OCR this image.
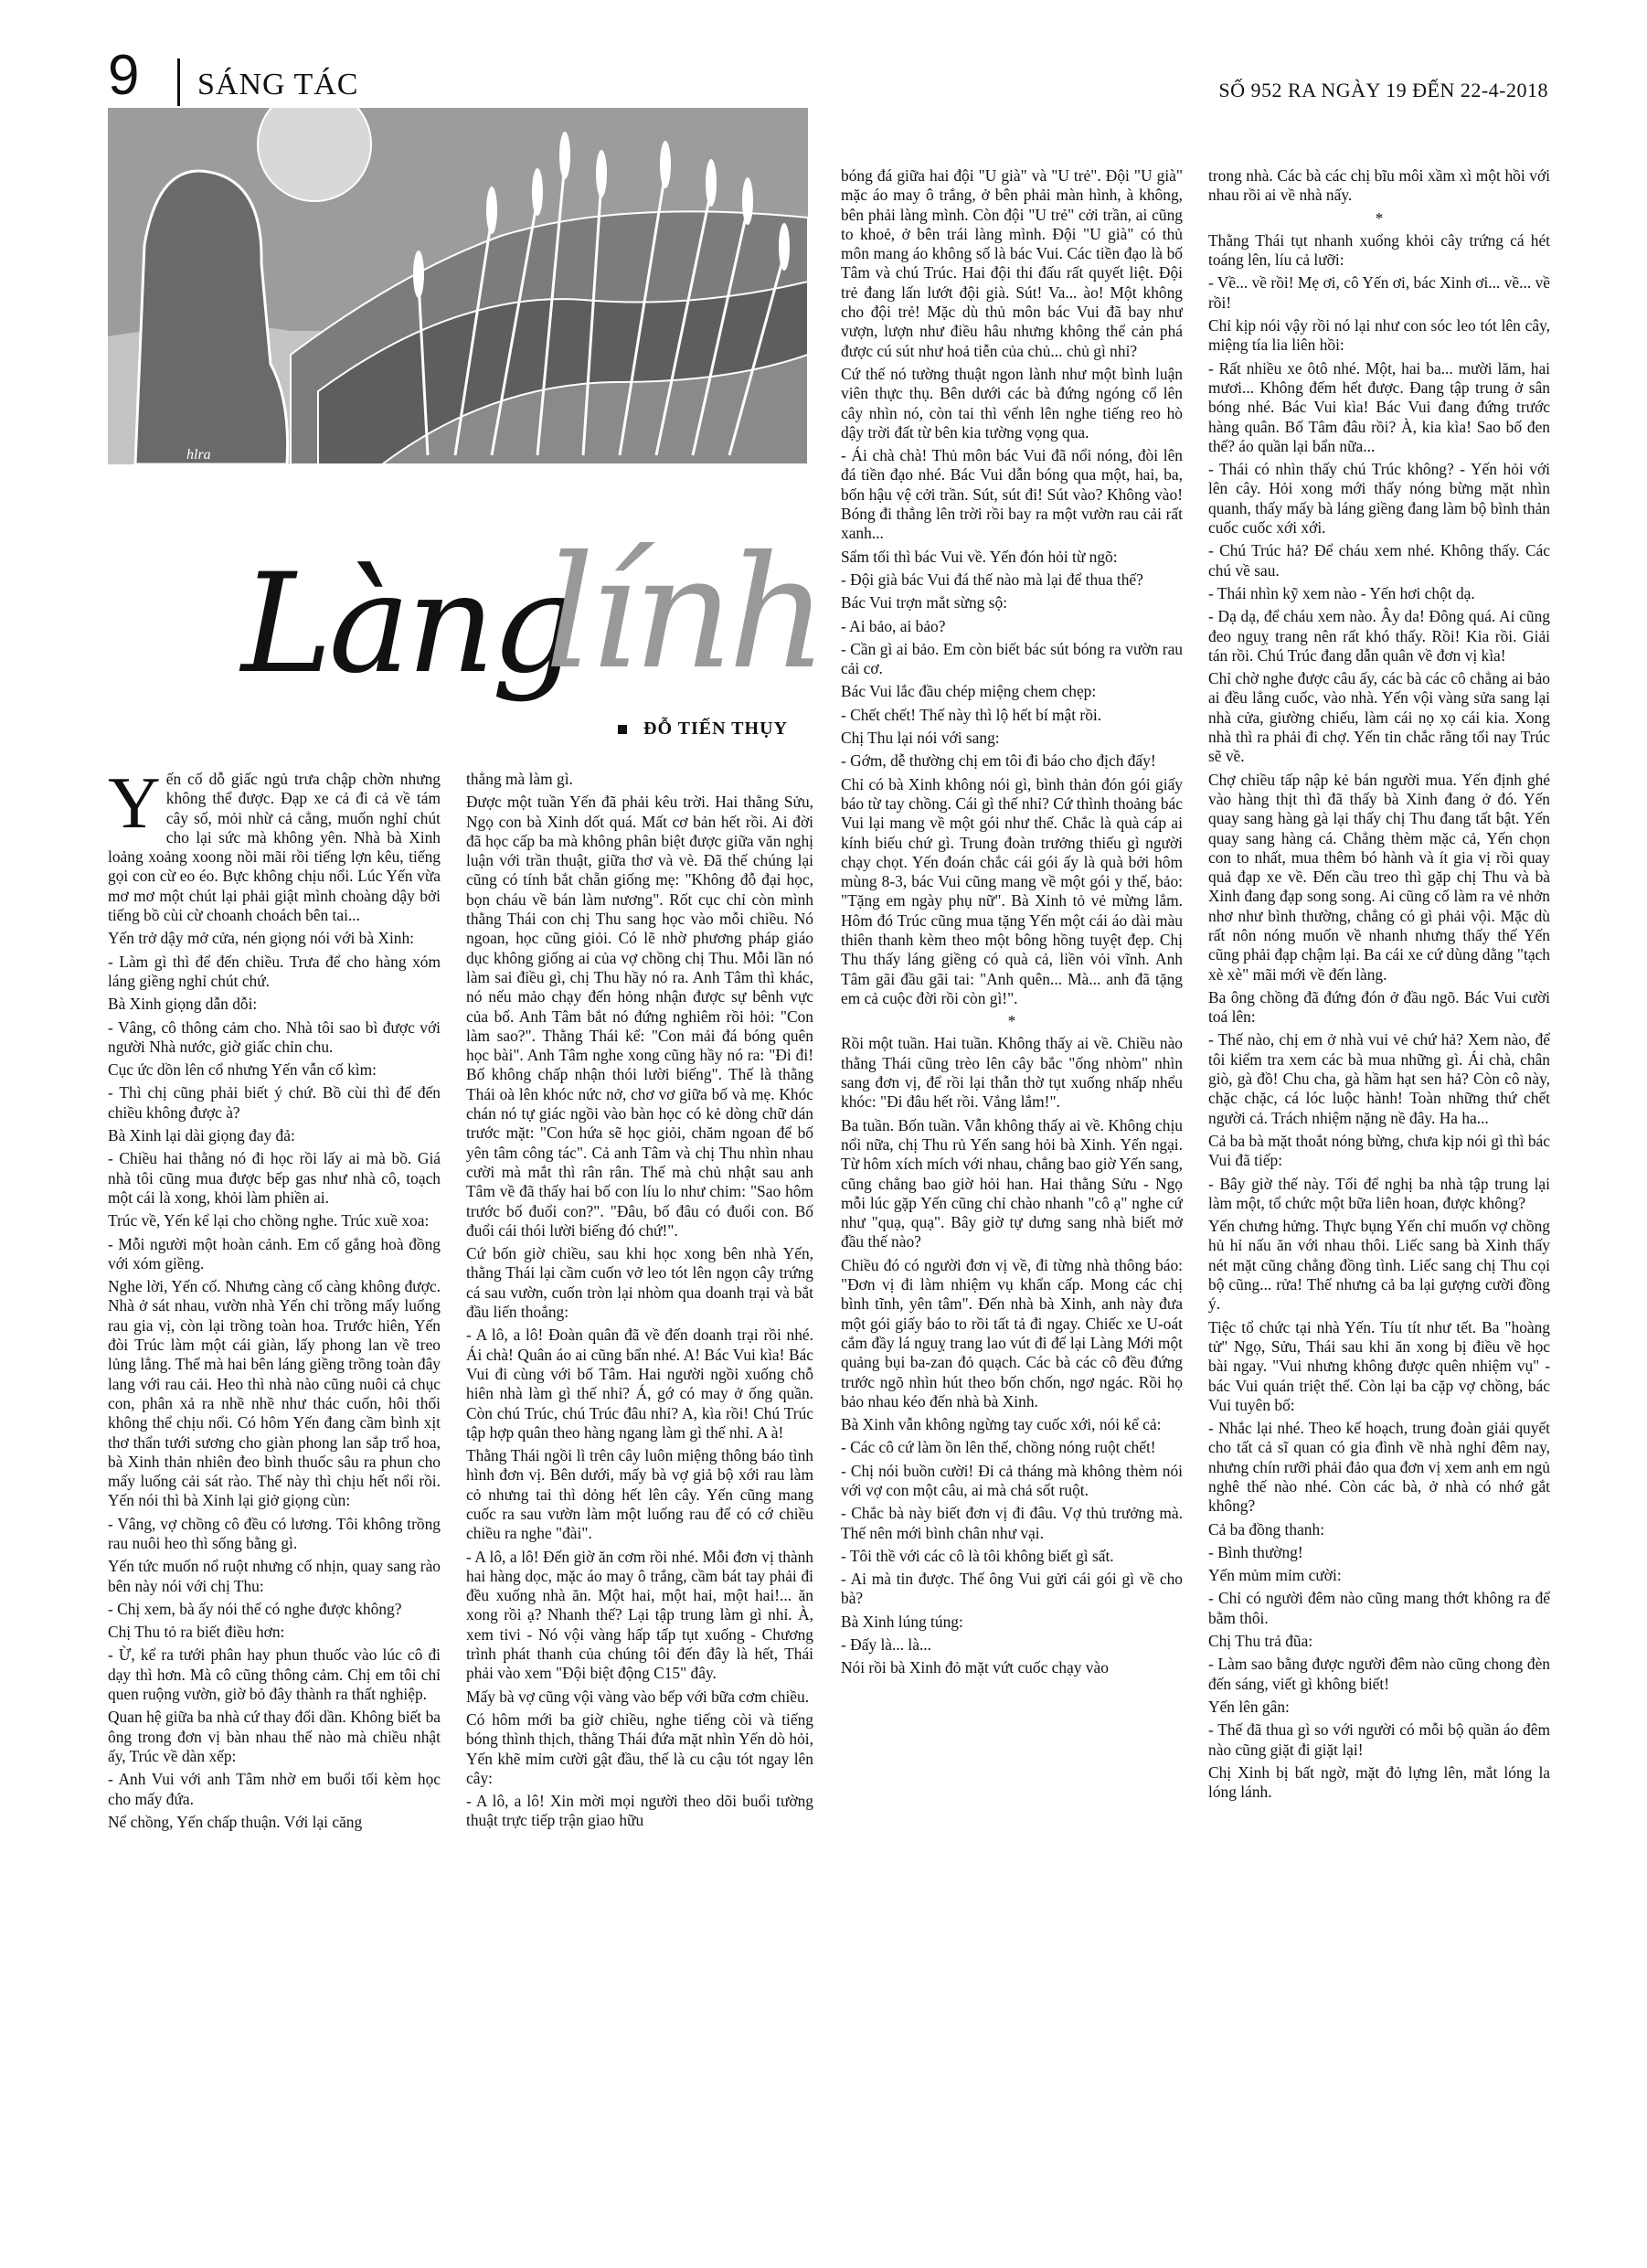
9 SÁNG TÁC	SỐ 952 RA NGÀY 19 ĐẾN 22-4-2018
hlra
Làng
lính
ĐỖ TIẾN THỤY

Yến cố dỗ giấc ngủ trưa chập chờn nhưng không thể được. Đạp xe cả đi cả về tám cây số, mỏi nhừ cả cẳng, muốn nghỉ chút cho lại sức mà không yên. Nhà bà Xinh loảng xoảng xoong nồi mãi rồi tiếng lợn kêu, tiếng gọi con cừ eo éo. Bực không chịu nổi. Lúc Yến vừa mơ mơ một chút lại phải giật mình choàng dậy bởi tiếng bồ cùi cừ choanh choách bên tai...

Yến trở dậy mở cửa, nén giọng nói với bà Xinh:

- Làm gì thì để đến chiều. Trưa để cho hàng xóm láng giềng nghỉ chút chứ.

Bà Xinh giọng dẫn dỗi:

- Vâng, cô thông cảm cho. Nhà tôi sao bì được với người Nhà nước, giờ giấc chỉn chu.

Cục ức dồn lên cổ nhưng Yến vẫn cố kìm:

- Thì chị cũng phải biết ý chứ. Bồ cùi thì để đến chiều không được à?

Bà Xinh lại dài giọng đay đả:

- Chiều hai thằng nó đi học rồi lấy ai mà bồ. Giá nhà tôi cũng mua được bếp gas như nhà cô, toạch một cái là xong, khỏi làm phiền ai.

Trúc về, Yến kể lại cho chồng nghe. Trúc xuề xoa:

- Mỗi người một hoàn cảnh. Em cố gắng hoà đồng với xóm giềng.

Nghe lời, Yến cố. Nhưng càng cố càng không được. Nhà ở sát nhau, vườn nhà Yến chỉ trồng mấy luống rau gia vị, còn lại trồng toàn hoa. Trước hiên, Yến đòi Trúc làm một cái giàn, lấy phong lan về treo lủng lẳng. Thế mà hai bên láng giềng trồng toàn đây lang với rau cải. Heo thì nhà nào cũng nuôi cả chục con, phân xả ra nhề nhề như thác cuốn, hôi thối không thể chịu nổi. Có hôm Yến đang cầm bình xịt thơ thẩn tưới sương cho giàn phong lan sắp trổ hoa, bà Xinh thản nhiên đeo bình thuốc sâu ra phun cho mấy luống cải sát rào. Thế này thì chịu hết nổi rồi. Yến nói thì bà Xinh lại giở giọng cùn:

- Vâng, vợ chồng cô đều có lương. Tôi không trồng rau nuôi heo thì sống bằng gì.

Yến tức muốn nổ ruột nhưng cố nhịn, quay sang rào bên này nói với chị Thu:

- Chị xem, bà ấy nói thế có nghe được không?

Chị Thu tỏ ra biết điều hơn:

- Ừ, kể ra tưới phân hay phun thuốc vào lúc cô đi dạy thì hơn. Mà cô cũng thông cảm. Chị em tôi chỉ quen ruộng vườn, giờ bỏ đây thành ra thất nghiệp.

Quan hệ giữa ba nhà cứ thay đổi dần. Không biết ba ông trong đơn vị bàn nhau thế nào mà chiều nhật ấy, Trúc về dàn xếp:

- Anh Vui với anh Tâm nhờ em buổi tối kèm học cho mấy đứa.

Nể chồng, Yến chấp thuận. Với lại căng

thẳng mà làm gì.

Được một tuần Yến đã phải kêu trời. Hai thằng Sửu, Ngọ con bà Xinh dốt quá. Mất cơ bản hết rồi. Ai đời đã học cấp ba mà không phân biệt được giữa văn nghị luận với trần thuật, giữa thơ và vè. Đã thế chúng lại cũng có tính bắt chẵn giống mẹ: "Không đỗ đại học, bọn cháu về bán làm nương". Rốt cục chỉ còn mình thằng Thái con chị Thu sang học vào mỗi chiều. Nó ngoan, học cũng giỏi. Có lẽ nhờ phương pháp giáo dục không giống ai của vợ chồng chị Thu. Mỗi lần nó làm sai điều gì, chị Thu hầy nó ra. Anh Tâm thì khác, nó nếu mảo chạy đến hỏng nhận được sự bênh vực của bố. Anh Tâm bắt nó đứng nghiêm rồi hỏi: "Con làm sao?". Thằng Thái kể: "Con mải đá bóng quên học bài". Anh Tâm nghe xong cũng hầy nó ra: "Đi đi! Bố không chấp nhận thói lười biếng". Thế là thằng Thái oà lên khóc nức nở, chơ vơ giữa bố và mẹ. Khóc chán nó tự giác ngồi vào bàn học có kẻ dòng chữ dán trước mặt: "Con hứa sẽ học giỏi, chăm ngoan để bố yên tâm công tác". Cả anh Tâm và chị Thu nhìn nhau cười mà mắt thì rân rân. Thế mà chủ nhật sau anh Tâm về đã thấy hai bố con líu lo như chim: "Sao hôm trước bố đuổi con?". "Đâu, bố đâu có đuổi con. Bố đuổi cái thói lười biếng đó chứ!".

Cứ bốn giờ chiều, sau khi học xong bên nhà Yến, thằng Thái lại cầm cuốn vở leo tót lên ngọn cây trứng cá sau vườn, cuốn tròn lại nhòm qua doanh trại và bắt đầu liến thoắng:

- A lô, a lô! Đoàn quân đã về đến doanh trại rồi nhé. Ái chà! Quân áo ai cũng bẩn nhé. A! Bác Vui kìa! Bác Vui đi cùng với bố Tâm. Hai người ngồi xuống chỗ hiên nhà làm gì thế nhỉ? Á, gớ có may ở ống quần. Còn chú Trúc, chú Trúc đâu nhỉ? A, kìa rồi! Chú Trúc tập hợp quân theo hàng ngang làm gì thế nhỉ. A à!

Thằng Thái ngồi lì trên cây luôn miệng thông báo tình hình đơn vị. Bên dưới, mấy bà vợ giả bộ xới rau làm cỏ nhưng tai thì dỏng hết lên cây. Yến cũng mang cuốc ra sau vườn làm một luống rau để có cớ chiều chiều ra nghe "đài".

- A lô, a lô! Đến giờ ăn cơm rồi nhé. Mỗi đơn vị thành hai hàng dọc, mặc áo may ô trắng, cầm bát tay phải đi đều xuống nhà ăn. Một hai, một hai, một hai!... ăn xong rồi ạ? Nhanh thế? Lại tập trung làm gì nhỉ. À, xem tivi - Nó vội vàng hấp tấp tụt xuống - Chương trình phát thanh của chúng tôi đến đây là hết, Thái phải vào xem "Đội biệt động C15" đây.

Mấy bà vợ cũng vội vàng vào bếp với bữa cơm chiều.

Có hôm mới ba giờ chiều, nghe tiếng còi và tiếng bóng thình thịch, thằng Thái đứa mặt nhìn Yến dò hỏi, Yến khẽ mỉm cười gật đầu, thế là cu cậu tót ngay lên cây:

- A lô, a lô! Xin mời mọi người theo dõi buổi tường thuật trực tiếp trận giao hữu

bóng đá giữa hai đội "U già" và "U trẻ". Đội "U già" mặc áo may ô trắng, ở bên phải màn hình, à không, bên phải làng mình. Còn đội "U trẻ" cởi trần, ai cũng to khoẻ, ở bên trái làng mình. Đội "U già" có thủ môn mang áo không số là bác Vui. Các tiền đạo là bố Tâm và chú Trúc. Hai đội thi đấu rất quyết liệt. Đội trẻ đang lấn lướt đội già. Sút! Va... ào! Một không cho đội trẻ! Mặc dù thủ môn bác Vui đã bay như vượn, lượn như điều hâu nhưng không thể cản phá được cú sút như hoả tiễn của chủ... chủ gì nhỉ?

Cứ thế nó tường thuật ngon lành như một bình luận viên thực thụ. Bên dưới các bà đứng ngóng cổ lên cây nhìn nó, còn tai thì vểnh lên nghe tiếng reo hò dậy trời đất từ bên kia tường vọng qua.

- Ái chà chà! Thủ môn bác Vui đã nổi nóng, đòi lên đá tiền đạo nhé. Bác Vui dẫn bóng qua một, hai, ba, bốn hậu vệ cởi trần. Sút, sút đi! Sút vào? Không vào! Bóng đi thẳng lên trời rồi bay ra một vườn rau cải rất xanh...

Sẩm tối thì bác Vui về. Yến đón hỏi từ ngõ:

- Đội già bác Vui đá thế nào mà lại để thua thế?

Bác Vui trợn mắt sừng sộ:

- Ai bảo, ai bảo?

- Cần gì ai bảo. Em còn biết bác sút bóng ra vườn rau cải cơ.

Bác Vui lắc đầu chép miệng chem chẹp:

- Chết chết! Thế này thì lộ hết bí mật rồi.

Chị Thu lại nói với sang:

- Gớm, dễ thường chị em tôi đi báo cho địch đấy!

Chỉ có bà Xinh không nói gì, bình thản đón gói giấy báo từ tay chồng. Cái gì thế nhỉ? Cứ thình thoảng bác Vui lại mang về một gói như thế. Chắc là quà cáp ai kính biếu chứ gì. Trung đoàn trưởng thiếu gì người chạy chọt. Yến đoán chắc cái gói ấy là quà bởi hôm mùng 8-3, bác Vui cũng mang về một gói y thế, bảo: "Tặng em ngày phụ nữ". Bà Xinh tỏ vẻ mừng lắm. Hôm đó Trúc cũng mua tặng Yến một cái áo dài màu thiên thanh kèm theo một bông hồng tuyệt đẹp. Chị Thu thấy láng giềng có quà cả, liền vỏi vĩnh. Anh Tâm gãi đầu gãi tai: "Anh quên... Mà... anh đã tặng em cả cuộc đời rồi còn gì!".

*

Rồi một tuần. Hai tuần. Không thấy ai về. Chiều nào thằng Thái cũng trèo lên cây bắc "ống nhòm" nhìn sang đơn vị, để rồi lại thẫn thờ tụt xuống nhấp nhểu khóc: "Đi đâu hết rồi. Vắng lắm!".

Ba tuần. Bốn tuần. Vẫn không thấy ai về. Không chịu nổi nữa, chị Thu rủ Yến sang hỏi bà Xinh. Yến ngại. Từ hôm xích mích với nhau, chẳng bao giờ Yến sang, cũng chẳng bao giờ hỏi han. Hai thằng Sửu - Ngọ mỗi lúc gặp Yến cũng chỉ chào nhanh "cô ạ" nghe cứ như "quạ, quạ". Bây giờ tự dưng sang nhà biết mở đầu thế nào?

Chiều đó có người đơn vị về, đi từng nhà thông báo: "Đơn vị đi làm nhiệm vụ khẩn cấp. Mong các chị bình tĩnh, yên tâm". Đến nhà bà Xinh, anh này đưa một gói giấy báo to rồi tất tả đi ngay. Chiếc xe U-oát cắm đầy lá nguỵ trang lao vút đi để lại Làng Mới một quảng bụi ba-zan đỏ quạch. Các bà các cô đều đứng trước ngõ nhìn hút theo bốn chốn, ngơ ngác. Rồi họ bảo nhau kéo đến nhà bà Xinh.

Bà Xinh vẫn không ngừng tay cuốc xới, nói kể cả:

- Các cô cứ làm ồn lên thế, chồng nóng ruột chết!

- Chị nói buồn cười! Đi cả tháng mà không thèm nói với vợ con một câu, ai mà chả sốt ruột.

- Chắc bà này biết đơn vị đi đâu. Vợ thủ trưởng mà. Thế nên mới bình chân như vại.

- Tôi thề với các cô là tôi không biết gì sất.

- Ai mà tin được. Thế ông Vui gửi cái gói gì về cho bà?

Bà Xinh lúng túng:

- Đấy là... là...

Nói rồi bà Xinh đỏ mặt vứt cuốc chạy vào

trong nhà. Các bà các chị bĩu môi xầm xì một hồi với nhau rồi ai về nhà nấy.

*

Thằng Thái tụt nhanh xuống khỏi cây trứng cá hét toáng lên, líu cả lưỡi:

- Về... về rồi! Mẹ ơi, cô Yến ơi, bác Xinh ơi... về... về rồi!

Chỉ kịp nói vậy rồi nó lại như con sóc leo tót lên cây, miệng tía lia liên hồi:

- Rất nhiều xe ôtô nhé. Một, hai ba... mười lăm, hai mươi... Không đếm hết được. Đang tập trung ở sân bóng nhé. Bác Vui kìa! Bác Vui đang đứng trước hàng quân. Bố Tâm đâu rồi? À, kia kìa! Sao bố đen thế? áo quần lại bẩn nữa...

- Thái có nhìn thấy chú Trúc không? - Yến hỏi với lên cây. Hỏi xong mới thấy nóng bừng mặt nhìn quanh, thấy mấy bà láng giềng đang làm bộ bình thản cuốc cuốc xới xới.

- Chú Trúc hả? Để cháu xem nhé. Không thấy. Các chú về sau.

- Thái nhìn kỹ xem nào - Yến hơi chột dạ.

- Dạ dạ, để cháu xem nào. Ây da! Đông quá. Ai cũng đeo nguỵ trang nên rất khó thấy. Rồi! Kia rồi. Giải tán rồi. Chú Trúc đang dẫn quân về đơn vị kìa!

Chỉ chờ nghe được câu ấy, các bà các cô chẳng ai bảo ai đều lẳng cuốc, vào nhà. Yến vội vàng sửa sang lại nhà cửa, giường chiếu, làm cái nọ xọ cái kia. Xong nhà thì ra phải đi chợ. Yến tin chắc rằng tối nay Trúc sẽ về.

Chợ chiều tấp nập kẻ bán người mua. Yến định ghé vào hàng thịt thì đã thấy bà Xinh đang ở đó. Yến quay sang hàng gà lại thấy chị Thu đang tất bật. Yến quay sang hàng cá. Chẳng thèm mặc cả, Yến chọn con to nhất, mua thêm bó hành và ít gia vị rồi quay quả đạp xe về. Đến cầu treo thì gặp chị Thu và bà Xinh đang đạp song song. Ai cũng cố làm ra vẻ nhởn nhơ như bình thường, chẳng có gì phải vội. Mặc dù rất nôn nóng muốn về nhanh nhưng thấy thế Yến cũng phải đạp chậm lại. Ba cái xe cứ dùng dằng "tạch xè xè" mãi mới về đến làng.

Ba ông chồng đã đứng đón ở đầu ngõ. Bác Vui cười toá lên:

- Thế nào, chị em ở nhà vui vẻ chứ hả? Xem nào, để tôi kiểm tra xem các bà mua những gì. Ái chà, chân giò, gà đồ! Chu cha, gà hầm hạt sen hả? Còn cô này, chặc chặc, cá lóc luộc hành! Toàn những thứ chết người cả. Trách nhiệm nặng nề đây. Ha ha...

Cả ba bà mặt thoắt nóng bừng, chưa kịp nói gì thì bác Vui đã tiếp:

- Bây giờ thế này. Tối để nghị ba nhà tập trung lại làm một, tổ chức một bữa liên hoan, được không?

Yến chưng hửng. Thực bụng Yến chỉ muốn vợ chồng hủ hỉ nấu ăn với nhau thôi. Liếc sang bà Xinh thấy nét mặt cũng chẳng đồng tình. Liếc sang chị Thu cọi bộ cũng... rửa! Thế nhưng cả ba lại gượng cười đồng ý.

Tiệc tổ chức tại nhà Yến. Tíu tít như tết. Ba "hoàng tử" Ngọ, Sửu, Thái sau khi ăn xong bị điều về học bài ngay. "Vui nhưng không được quên nhiệm vụ" - bác Vui quán triệt thế. Còn lại ba cặp vợ chồng, bác Vui tuyên bố:

- Nhắc lại nhé. Theo kế hoạch, trung đoàn giải quyết cho tất cả sĩ quan có gia đình về nhà nghỉ đêm nay, nhưng chín rưỡi phải đảo qua đơn vị xem anh em ngủ nghê thế nào nhé. Còn các bà, ở nhà có nhớ gắt không?

Cả ba đồng thanh:

- Bình thường!

Yến mủm mỉm cười:

- Chỉ có người đêm nào cũng mang thớt không ra để bằm thôi.

Chị Thu trả đũa:

- Làm sao bằng được người đêm nào cũng chong đèn đến sáng, viết gì không biết!

Yến lên gân:

- Thế đã thua gì so với người có mỗi bộ quần áo đêm nào cũng giặt đi giặt lại!

Chị Xinh bị bất ngờ, mặt đỏ lựng lên, mắt lóng la lóng lánh.
